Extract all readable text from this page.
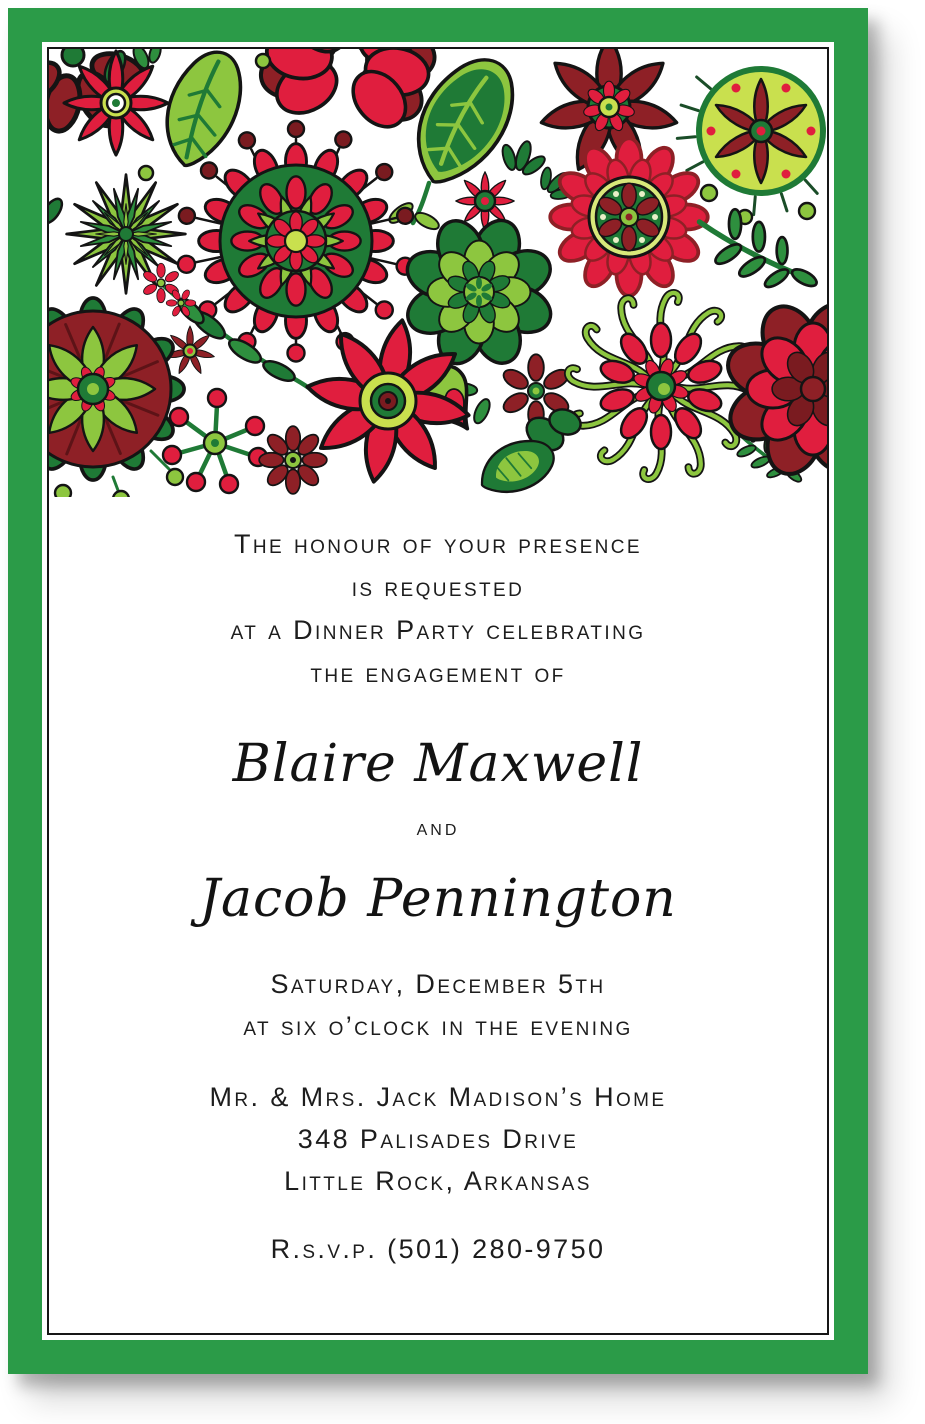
The honour of your presence
is requested
at a Dinner Party celebrating
the engagement of
Blaire Maxwell
and
Jacob Pennington
Saturday, December 5th
at six o’clock in the evening
Mr. & Mrs. Jack Madison’s Home
348 Palisades Drive
Little Rock, Arkansas
R.s.v.p. (501) 280-9750
